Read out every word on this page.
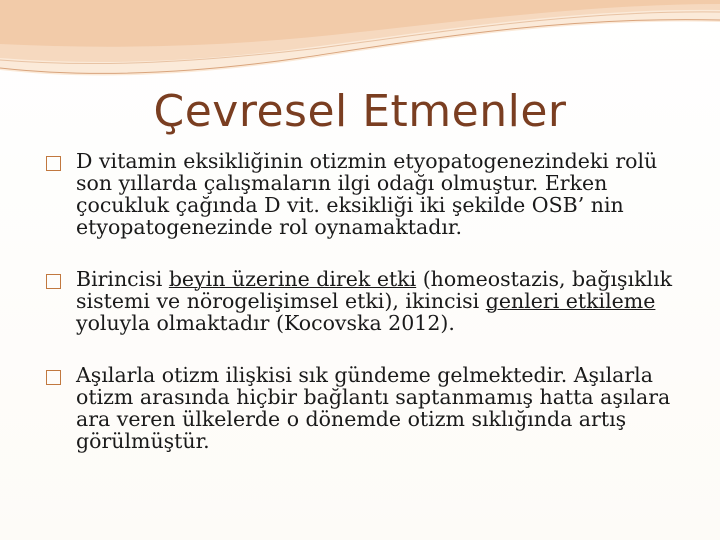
Çevresel Etmenler
D vitamin eksikliğinin otizmin etyopatogenezindeki rolü son yıllarda çalışmaların ilgi odağı olmuştur. Erken çocukluk çağında D vit. eksikliği iki şekilde OSB’ nin etyopatogenezinde rol oynamaktadır.
Birincisi beyin üzerine direk etki (homeostazis, bağışıklık sistemi ve nörogelişimsel etki), ikincisi genleri etkileme yoluyla olmaktadır (Kocovska 2012).
Aşılarla otizm ilişkisi sık gündeme gelmektedir. Aşılarla otizm arasında hiçbir bağlantı saptanmamış hatta aşılara ara veren ülkelerde o dönemde otizm sıklığında artış görülmüştür.
